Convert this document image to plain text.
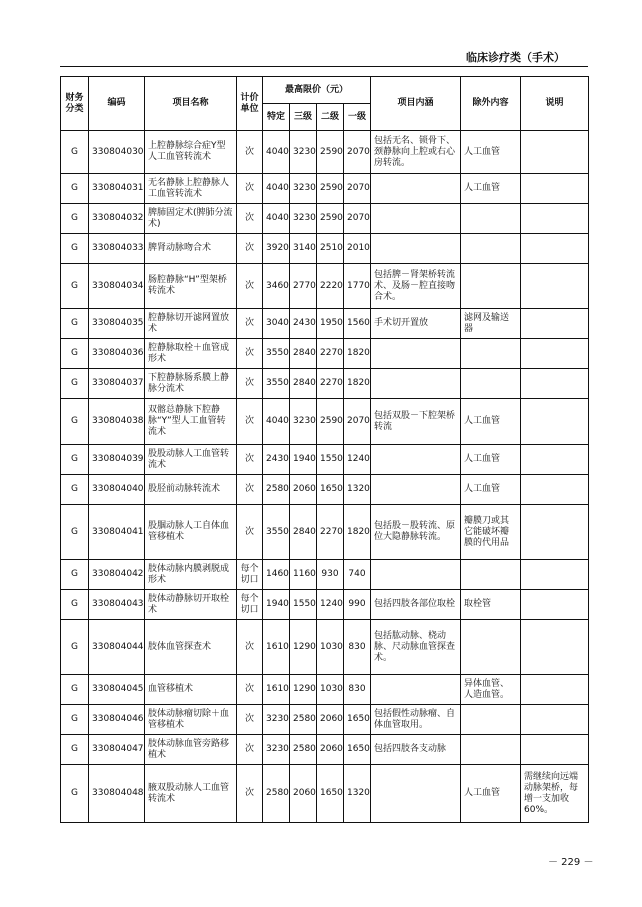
临床诊疗类（手术）
财务分类	编码	项目名称	计价单位	最高限价（元）				项目内涵	除外内容	说明
				特定	三级	二级	一级			
G	330804030	上腔静脉综合症Y型人工血管转流术	次	4040	3230	2590	2070	包括无名、锁骨下、颈静脉向上腔或右心房转流。	人工血管	
G	330804031	无名静脉上腔静脉人工血管转流术	次	4040	3230	2590	2070		人工血管	
G	330804032	脾肺固定术(脾肺分流术)	次	4040	3230	2590	2070			
G	330804033	脾肾动脉吻合术	次	3920	3140	2510	2010			
G	330804034	肠腔静脉“H”型架桥转流术	次	3460	2770	2220	1770	包括脾－肾架桥转流术、及肠－腔直接吻合术。		
G	330804035	腔静脉切开滤网置放术	次	3040	2430	1950	1560	手术切开置放	滤网及输送器	
G	330804036	腔静脉取栓＋血管成形术	次	3550	2840	2270	1820			
G	330804037	下腔静脉肠系膜上静脉分流术	次	3550	2840	2270	1820			
G	330804038	双髂总静脉下腔静脉“Y”型人工血管转流术	次	4040	3230	2590	2070	包括双股－下腔架桥转流	人工血管	
G	330804039	股股动脉人工血管转流术	次	2430	1940	1550	1240		人工血管	
G	330804040	股胫前动脉转流术	次	2580	2060	1650	1320		人工血管	
G	330804041	股腘动脉人工自体血管移植术	次	3550	2840	2270	1820	包括股－股转流、原位大隐静脉转流。	瓣膜刀或其它能破坏瓣膜的代用品	
G	330804042	肢体动脉内膜剥脱成形术	每个切口	1460	1160	930	740			
G	330804043	肢体动静脉切开取栓术	每个切口	1940	1550	1240	990	包括四肢各部位取栓	取栓管	
G	330804044	肢体血管探查术	次	1610	1290	1030	830	包括肱动脉、桡动脉、尺动脉血管探查术。		
G	330804045	血管移植术	次	1610	1290	1030	830		异体血管、人造血管。	
G	330804046	肢体动脉瘤切除＋血管移植术	次	3230	2580	2060	1650	包括假性动脉瘤、自体血管取用。		
G	330804047	肢体动脉血管旁路移植术	次	3230	2580	2060	1650	包括四肢各支动脉		
G	330804048	腋双股动脉人工血管转流术	次	2580	2060	1650	1320		人工血管	需继续向远端动脉架桥，每增一支加收60%。
－ 229 －
